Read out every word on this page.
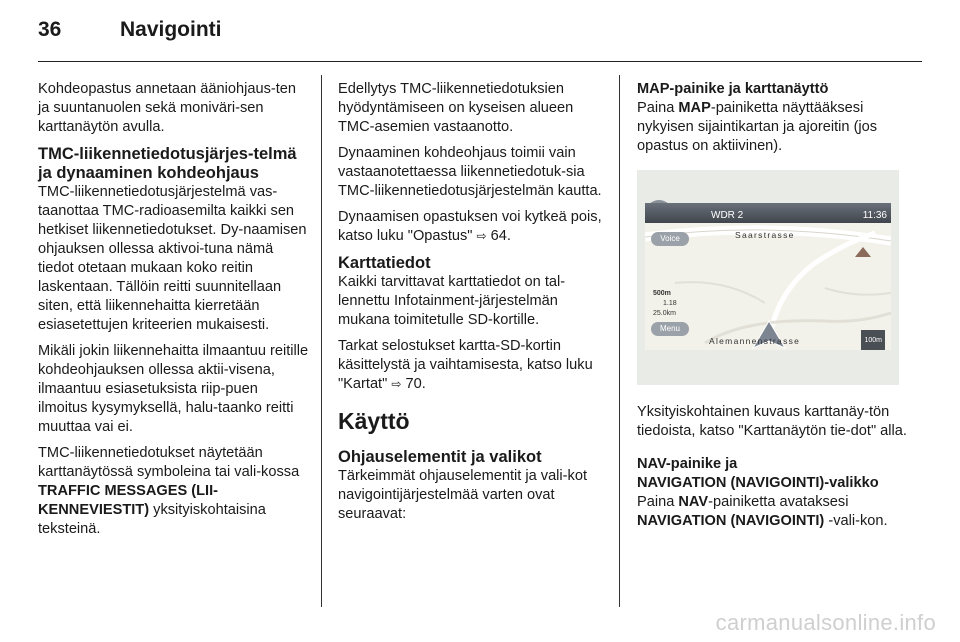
36	Navigointi

Kohdeopastus annetaan ääniohjaus-ten ja suuntanuolen sekä moniväri-sen karttanäytön avulla.

TMC-liikennetiedotusjärjes-telmä ja dynaaminen kohdeohjaus

TMC-liikennetiedotusjärjestelmä vas-taanottaa TMC-radioasemilta kaikki sen hetkiset liikennetiedotukset. Dy-naamisen ohjauksen ollessa aktivoi-tuna nämä tiedot otetaan mukaan koko reitin laskentaan. Tällöin reitti suunnitellaan siten, että liikennehaitta kierretään esiasetettujen kriteerien mukaisesti.

Mikäli jokin liikennehaitta ilmaantuu reitille kohdeohjauksen ollessa aktii-visena, ilmaantuu esiasetuksista riip-puen ilmoitus kysymyksellä, halu-taanko reitti muuttaa vai ei.

TMC-liikennetiedotukset näytetään karttanäytössä symboleina tai vali-kossa TRAFFIC MESSAGES (LII-KENNEVIESTIT) yksityiskohtaisina teksteinä.

Edellytys TMC-liikennetiedotuksien hyödyntämiseen on kyseisen alueen TMC-asemien vastaanotto.

Dynaaminen kohdeohjaus toimii vain vastaanotettaessa liikennetiedotuk-sia TMC-liikennetiedotusjärjestelmän kautta.

Dynaamisen opastuksen voi kytkeä pois, katso luku "Opastus" ⇨ 64.

Karttatiedot

Kaikki tarvittavat karttatiedot on tal-lennettu Infotainment-järjestelmän mukana toimitetulle SD-kortille.

Tarkat selostukset kartta-SD-kortin käsittelystä ja vaihtamisesta, katso luku "Kartat" ⇨ 70.

Käyttö
Ohjauselementit ja valikot

Tärkeimmät ohjauselementit ja vali-kot navigointijärjestelmää varten ovat seuraavat:

MAP-painike ja karttanäyttö

Paina MAP-painiketta näyttääksesi nykyisen sijaintikartan ja ajoreitin (jos opastus on aktiivinen).

WDR 2	11:36
Saarstrasse
Alemannenstrasse	100m
Voice
Menu
500m
1.18
25.0km

Yksityiskohtainen kuvaus karttanäy-tön tiedoista, katso "Karttanäytön tie-dot" alla.

NAV-painike ja
NAVIGATION (NAVIGOINTI)-valikko

Paina NAV-painiketta avataksesi NAVIGATION (NAVIGOINTI) -vali-kon.

carmanualsonline.info
